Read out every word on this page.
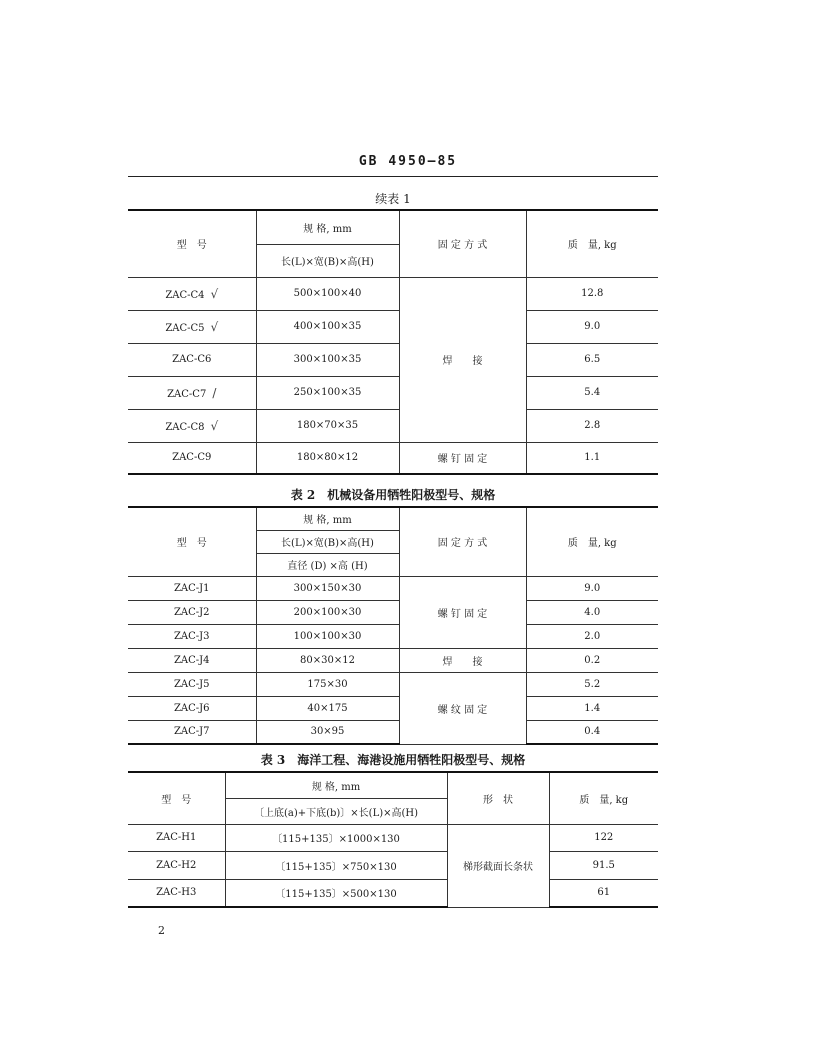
GB 4950—85
续表 1
型　号	规 格, mm	固 定 方 式	质　量, kg
	长(L)×宽(B)×高(H)		
ZAC-C4 √	500×100×40	焊　　接	12.8
ZAC-C5 √	400×100×35		9.0
ZAC-C6	300×100×35		6.5
ZAC-C7 /	250×100×35		5.4
ZAC-C8 √	180×70×35		2.8
ZAC-C9	180×80×12	螺 钉 固 定	1.1
表 2　机械设备用牺牲阳极型号、规格
型　号	规 格, mm	固 定 方 式	质　量, kg
	长(L)×宽(B)×高(H)		
	直径 (D) ×高 (H)		
ZAC-J1	300×150×30	螺 钉 固 定	9.0
ZAC-J2	200×100×30		4.0
ZAC-J3	100×100×30		2.0
ZAC-J4	80×30×12	焊　　接	0.2
ZAC-J5	175×30	螺 纹 固 定	5.2
ZAC-J6	40×175		1.4
ZAC-J7	30×95		0.4
表 3　海洋工程、海港设施用牺牲阳极型号、规格
型　号	规 格, mm	形　状	质　量, kg
	〔上底(a)+下底(b)〕×长(L)×高(H)		
ZAC-H1	〔115+135〕×1000×130	梯形截面长条状	122
ZAC-H2	〔115+135〕×750×130		91.5
ZAC-H3	〔115+135〕×500×130		61
2
